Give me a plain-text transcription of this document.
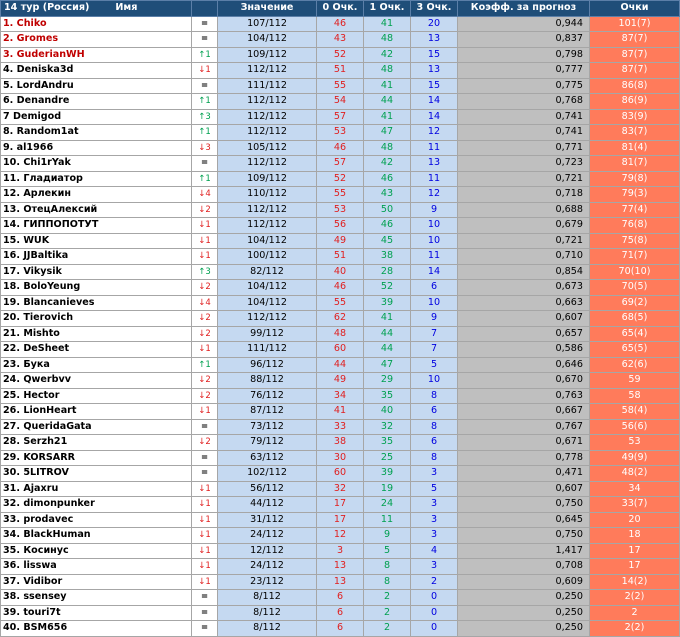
14 тур (Россия) Имя		Значение	0 Очк.	1 Очк.	3 Очк.	Коэфф. за прогноз	Очки
1. Chiko	=	107/112	46	41	20	0,944	101(7)
2. Gromes	=	104/112	43	48	13	0,837	87(7)
3. GuderianWH	↑1	109/112	52	42	15	0,798	87(7)
4. Deniska3d	↓1	112/112	51	48	13	0,777	87(7)
5. LordAndru	=	111/112	55	41	15	0,775	86(8)
6. Denandre	↑1	112/112	54	44	14	0,768	86(9)
7 Demigod	↑3	112/112	57	41	14	0,741	83(9)
8. Random1at	↑1	112/112	53	47	12	0,741	83(7)
9. al1966	↓3	105/112	46	48	11	0,771	81(4)
10. Chi1rYak	=	112/112	57	42	13	0,723	81(7)
11. Гладиатор	↑1	109/112	52	46	11	0,721	79(8)
12. Арлекин	↓4	110/112	55	43	12	0,718	79(3)
13. ОтецАлексий	↓2	112/112	53	50	9	0,688	77(4)
14. ГИППОПОТУТ	↓1	112/112	56	46	10	0,679	76(8)
15. WUK	↓1	104/112	49	45	10	0,721	75(8)
16. JJBaltika	↓1	100/112	51	38	11	0,710	71(7)
17. Vikysik	↑3	82/112	40	28	14	0,854	70(10)
18. BoloYeung	↓2	104/112	46	52	6	0,673	70(5)
19. Blancanieves	↓4	104/112	55	39	10	0,663	69(2)
20. Tierovich	↓2	112/112	62	41	9	0,607	68(5)
21. Mishto	↓2	99/112	48	44	7	0,657	65(4)
22. DeSheet	↓1	111/112	60	44	7	0,586	65(5)
23. Бука	↑1	96/112	44	47	5	0,646	62(6)
24. Qwerbvv	↓2	88/112	49	29	10	0,670	59
25. Hector	↓2	76/112	34	35	8	0,763	58
26. LionHeart	↓1	87/112	41	40	6	0,667	58(4)
27. QueridaGata	=	73/112	33	32	8	0,767	56(6)
28. Serzh21	↓2	79/112	38	35	6	0,671	53
29. KORSARR	=	63/112	30	25	8	0,778	49(9)
30. 5LITROV	=	102/112	60	39	3	0,471	48(2)
31. Ajaxru	↓1	56/112	32	19	5	0,607	34
32. dimonpunker	↓1	44/112	17	24	3	0,750	33(7)
33. prodavec	↓1	31/112	17	11	3	0,645	20
34. BlackHuman	↓1	24/112	12	9	3	0,750	18
35. Косинус	↓1	12/112	3	5	4	1,417	17
36. lisswa	↓1	24/112	13	8	3	0,708	17
37. Vidibor	↓1	23/112	13	8	2	0,609	14(2)
38. ssensey	=	8/112	6	2	0	0,250	2(2)
39. touri7t	=	8/112	6	2	0	0,250	2
40. BSM656	=	8/112	6	2	0	0,250	2(2)
